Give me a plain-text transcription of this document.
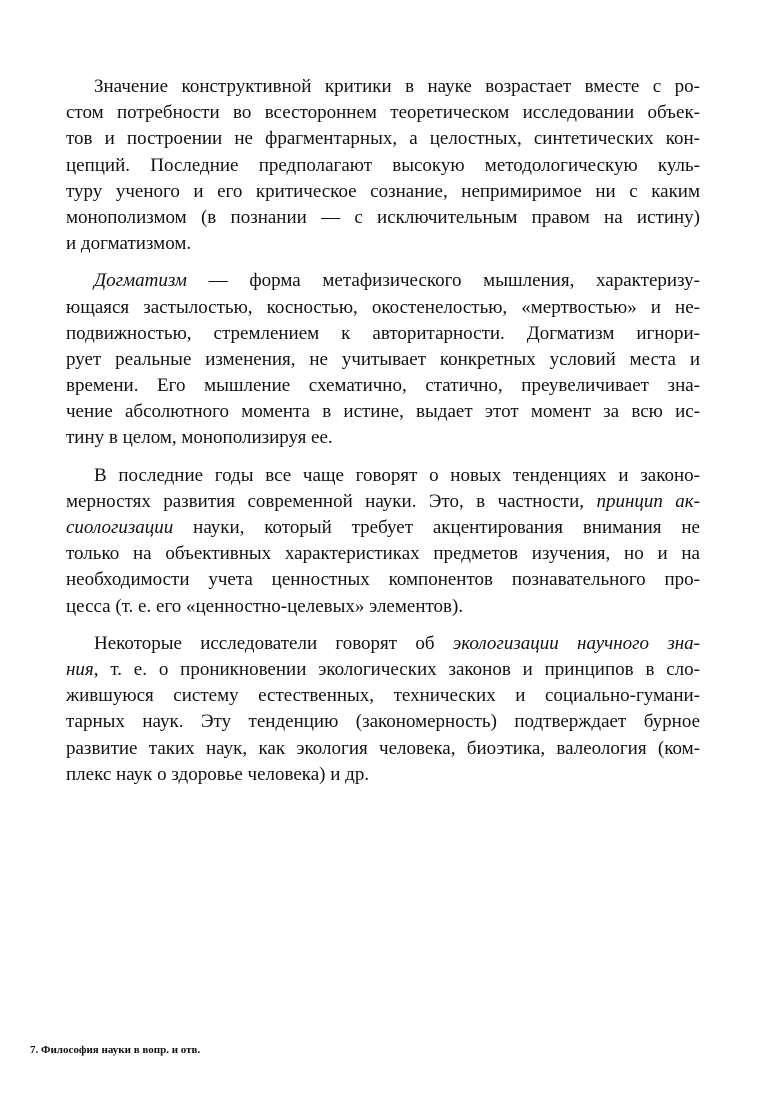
Значение конструктивной критики в науке возрастает вместе с ро-
стом потребности во всестороннем теоретическом исследовании объек-
тов и построении не фрагментарных, а целостных, синтетических кон-
цепций. Последние предполагают высокую методологическую куль-
туру ученого и его критическое сознание, непримиримое ни с каким
монополизмом (в познании — с исключительным правом на истину)
и догматизмом.
Догматизм — форма метафизического мышления, характеризу-
ющаяся застылостью, косностью, окостенелостью, «мертвостью» и не-
подвижностью, стремлением к авторитарности. Догматизм игнори-
рует реальные изменения, не учитывает конкретных условий места и
времени. Его мышление схематично, статично, преувеличивает зна-
чение абсолютного момента в истине, выдает этот момент за всю ис-
тину в целом, монополизируя ее.
В последние годы все чаще говорят о новых тенденциях и законо-
мерностях развития современной науки. Это, в частности, принцип ак-
сиологизации науки, который требует акцентирования внимания не
только на объективных характеристиках предметов изучения, но и на
необходимости учета ценностных компонентов познавательного про-
цесса (т. е. его «ценностно-целевых» элементов).
Некоторые исследователи говорят об экологизации научного зна-
ния, т. е. о проникновении экологических законов и принципов в сло-
жившуюся систему естественных, технических и социально-гумани-
тарных наук. Эту тенденцию (закономерность) подтверждает бурное
развитие таких наук, как экология человека, биоэтика, валеология (ком-
плекс наук о здоровье человека) и др.
7. Философия науки в вопр. и отв.
